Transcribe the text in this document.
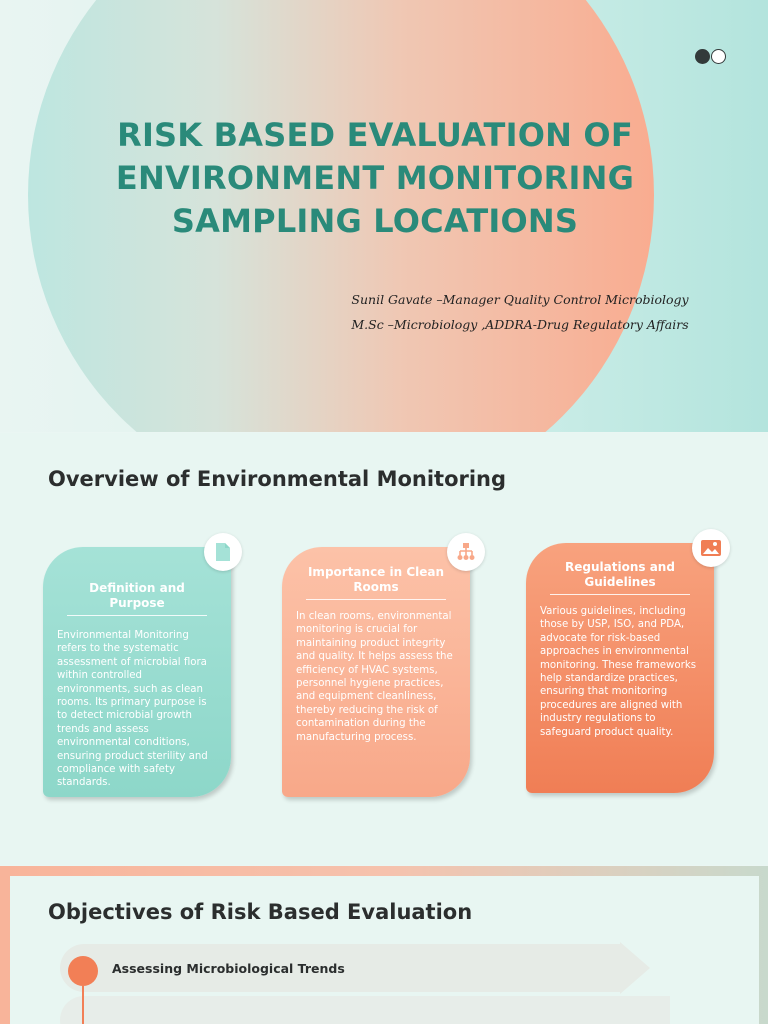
RISK BASED EVALUATION OF
ENVIRONMENT MONITORING
SAMPLING LOCATIONS
Sunil Gavate –Manager Quality Control Microbiology
M.Sc –Microbiology ,ADDRA-Drug Regulatory Affairs
Overview of Environmental Monitoring
Definition and Purpose
Environmental Monitoring refers to the systematic assessment of microbial flora within controlled environments, such as clean rooms. Its primary purpose is to detect microbial growth trends and assess environmental conditions, ensuring product sterility and compliance with safety standards.
Importance in Clean Rooms
In clean rooms, environmental monitoring is crucial for maintaining product integrity and quality. It helps assess the efficiency of HVAC systems, personnel hygiene practices, and equipment cleanliness, thereby reducing the risk of contamination during the manufacturing process.
Regulations and Guidelines
Various guidelines, including those by USP, ISO, and PDA, advocate for risk-based approaches in environmental monitoring. These frameworks help standardize practices, ensuring that monitoring procedures are aligned with industry regulations to safeguard product quality.
Objectives of Risk Based Evaluation
Assessing Microbiological Trends
